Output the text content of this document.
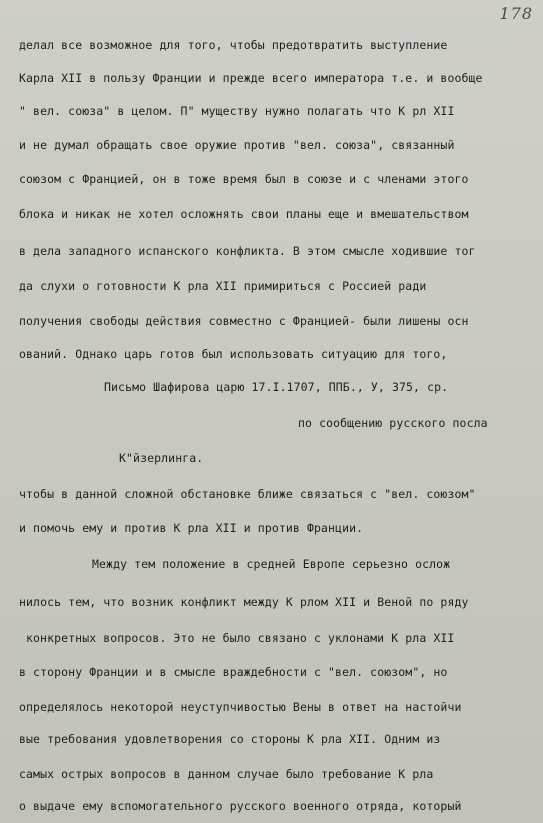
178
делал все возможное для того, чтобы предотвратить выступление
Карла XII в пользу Франции и прежде всего императора т.е. и вообще
" вел. союза" в целом. П" муществу нужно полагать что К рл XII
и не думал обращать свое оружие против "вел. союза", связанный
союзом с Францией, он в тоже время был в союзе и с членами этого
блока и никак не хотел осложнять свои планы еще и вмешательством
в дела западного испанского конфликта. В этом смысле ходившие тог
да слухи о готовности К рла XII примириться с Россией ради
получения свободы действия совместно с Францией- были лишены осн
ований. Однако царь готов был использовать ситуацию для того,
Письмо Шафирова царю 17.I.1707, ППБ., У, 375, ср.
по сообщению русского посла
К"йзерлинга.
чтобы в данной сложной обстановке ближе связаться с "вел. союзом"
и помочь ему и против К рла XII и против Франции.
Между тем положение в средней Европе серьезно ослож
нилось тем, что возник конфликт между К рлом XII и Веной по ряду
конкретных вопросов. Это не было связано с уклонами К рла XII
в сторону Франции и в смысле враждебности с "вел. союзом", но
определялось некоторой неуступчивостью Вены в ответ на настойчи
вые требования удовлетворения со стороны К рла XII. Одним из
самых острых вопросов в данном случае было требование К рла
о выдаче ему вспомогательного русского военного отряда, который
